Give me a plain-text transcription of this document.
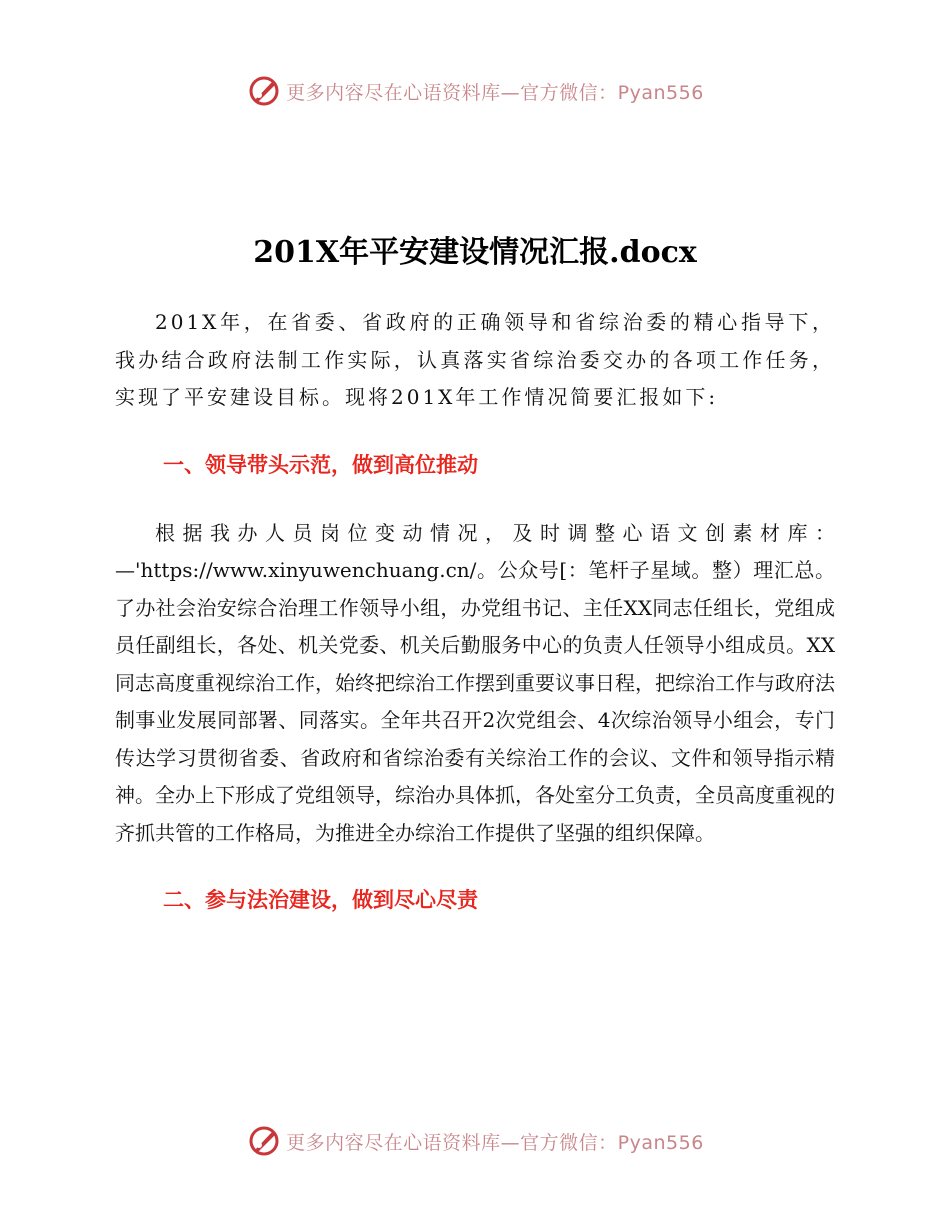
更多内容尽在心语资料库—官方微信：Pyan556
201X年平安建设情况汇报.docx

201X年，在省委、省政府的正确领导和省综治委的精心指导下，我办结合政府法制工作实际，认真落实省综治委交办的各项工作任务，实现了平安建设目标。现将201X年工作情况简要汇报如下:

一、领导带头示范，做到高位推动

根据我办人员岗位变动情况，及时调整心语文创素材库：—'https://www.xinyuwenchuang.cn/。公众号[：笔杆子星域。整）理汇总。了办社会治安综合治理工作领导小组，办党组书记、主任XX同志任组长，党组成员任副组长，各处、机关党委、机关后勤服务中心的负责人任领导小组成员。XX同志高度重视综治工作，始终把综治工作摆到重要议事日程，把综治工作与政府法制事业发展同部署、同落实。全年共召开2次党组会、4次综治领导小组会，专门传达学习贯彻省委、省政府和省综治委有关综治工作的会议、文件和领导指示精神。全办上下形成了党组领导，综治办具体抓，各处室分工负责，全员高度重视的齐抓共管的工作格局，为推进全办综治工作提供了坚强的组织保障。

二、参与法治建设，做到尽心尽责
更多内容尽在心语资料库—官方微信：Pyan556
